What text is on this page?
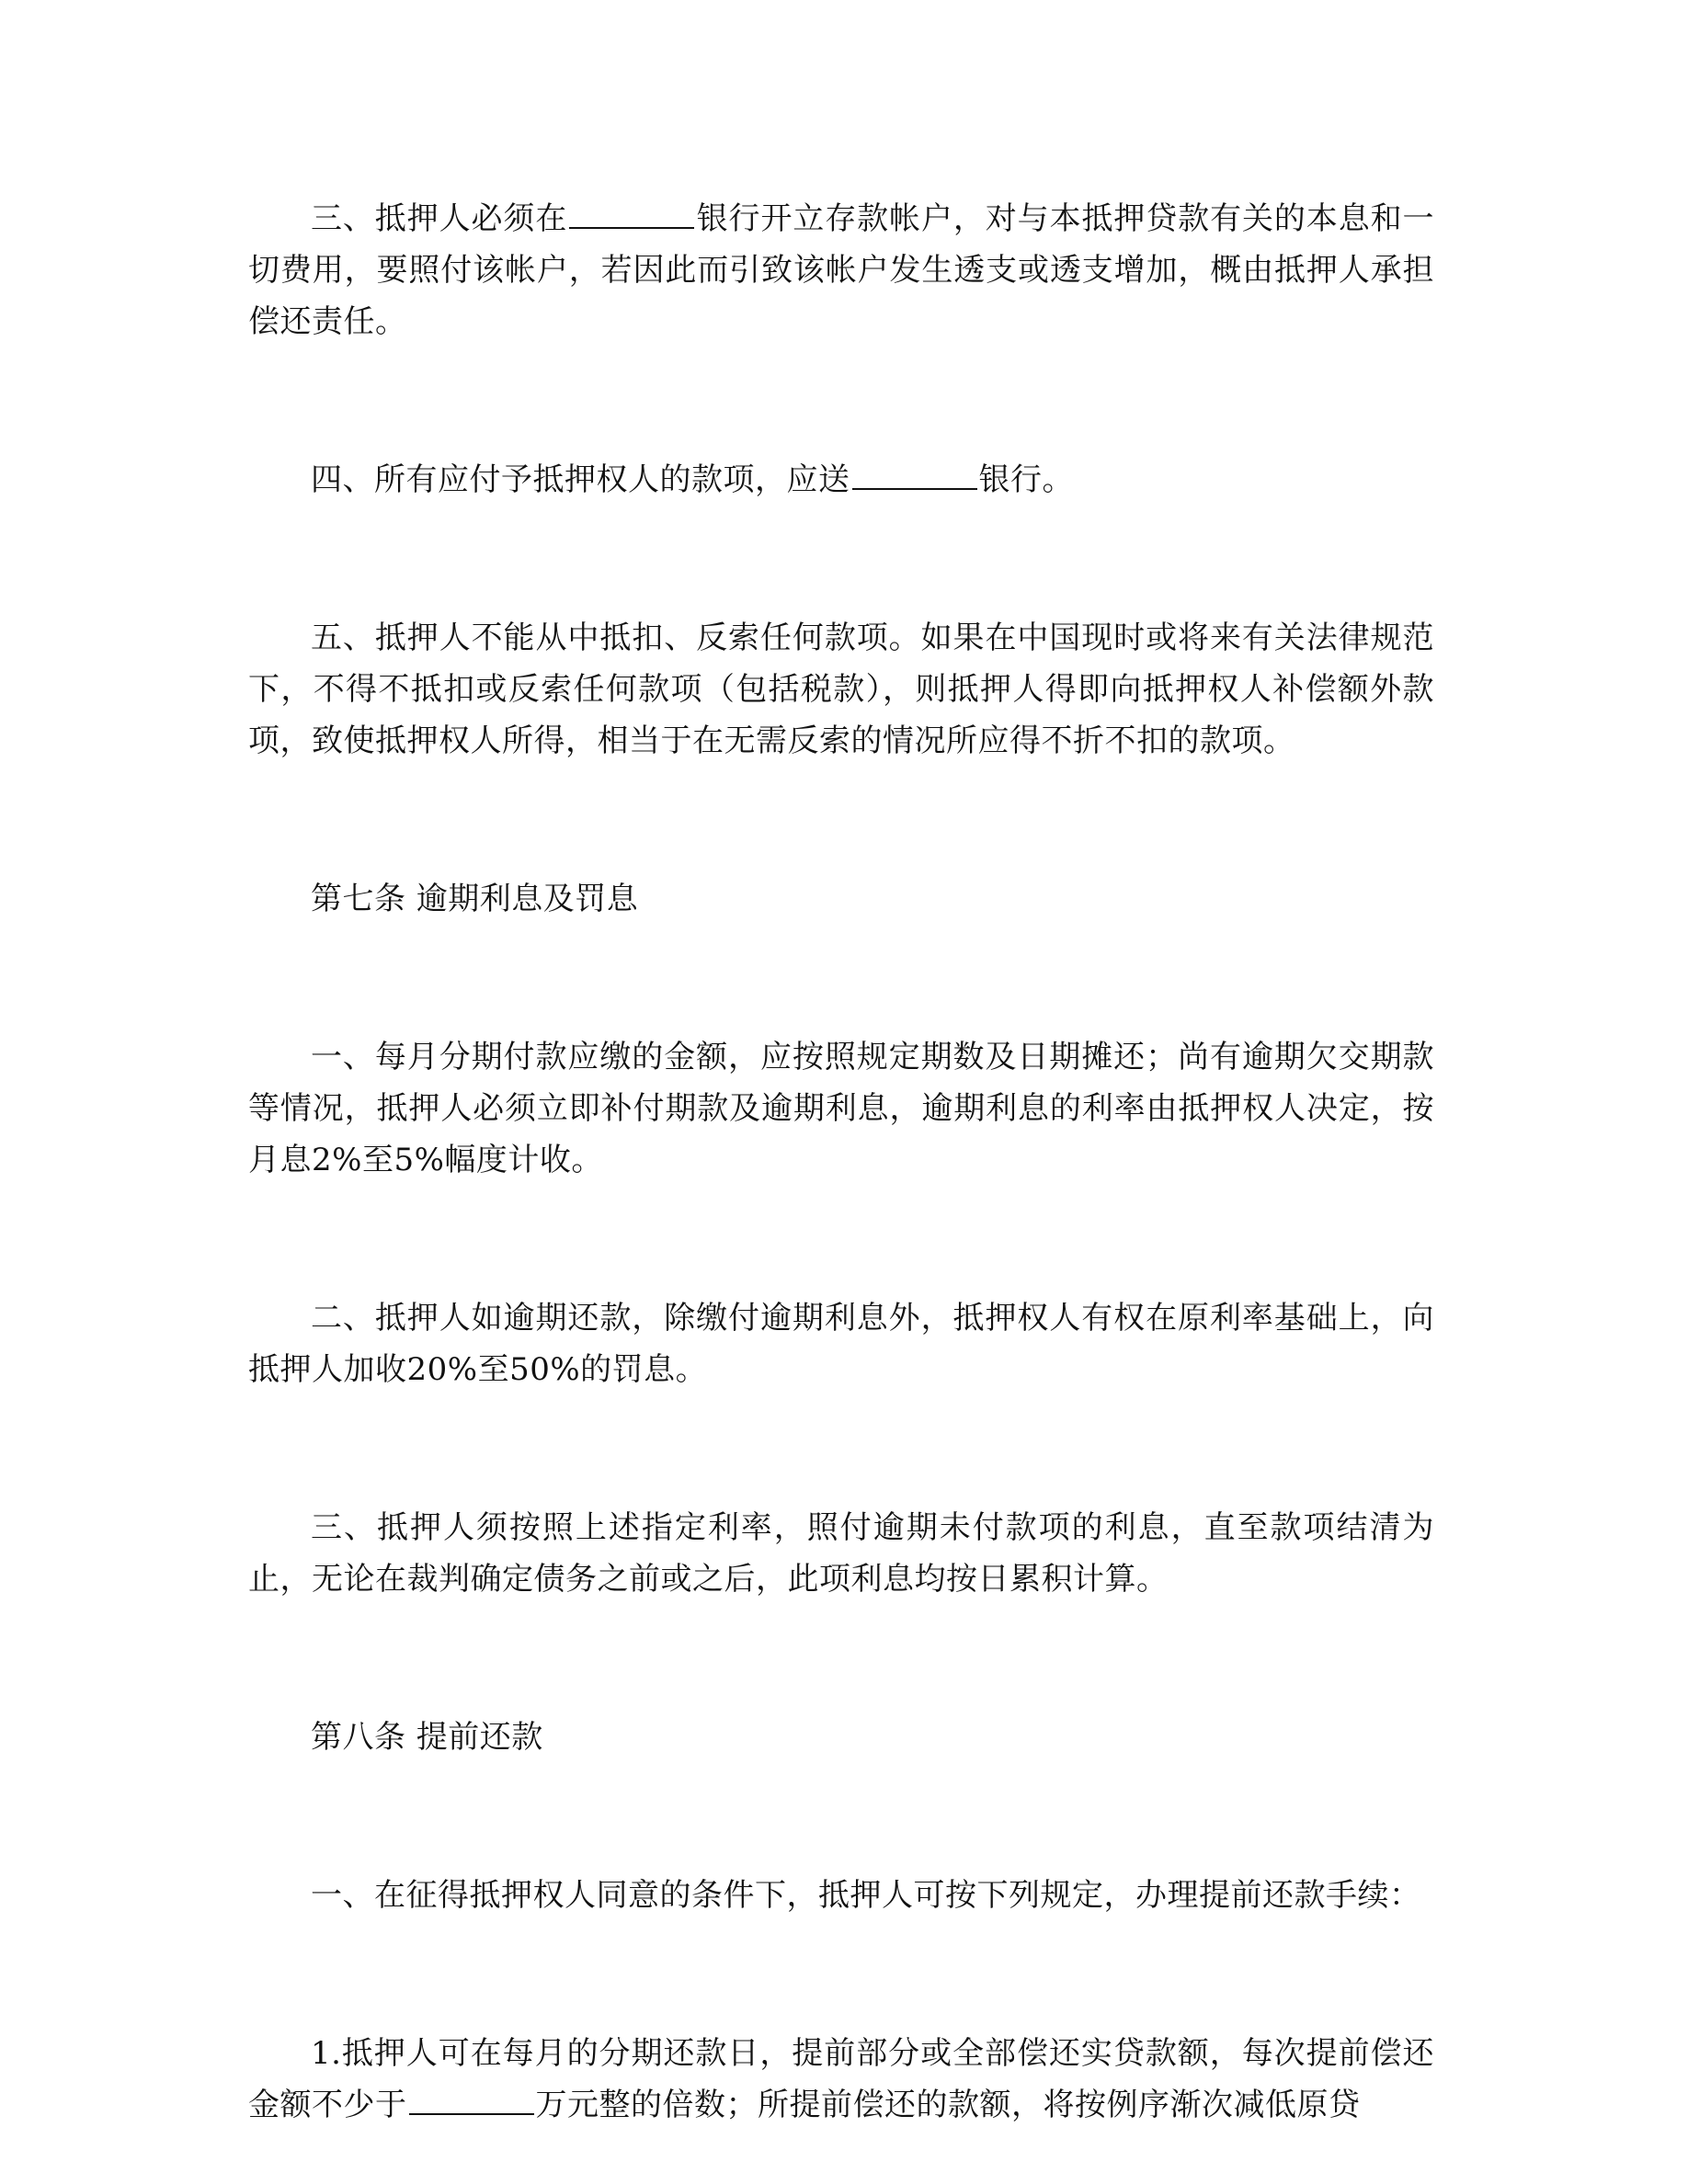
三、抵押人必须在	银行开立存款帐户，对与本抵押贷款有关的本息和一切费用，要照付该帐户，若因此而引致该帐户发生透支或透支增加，概由抵押人承担偿还责任。

四、所有应付予抵押权人的款项，应送	银行。

五、抵押人不能从中抵扣、反索任何款项。如果在中国现时或将来有关法律规范下，不得不抵扣或反索任何款项（包括税款），则抵押人得即向抵押权人补偿额外款项，致使抵押权人所得，相当于在无需反索的情况所应得不折不扣的款项。

第七条 逾期利息及罚息

一、每月分期付款应缴的金额，应按照规定期数及日期摊还；尚有逾期欠交期款等情况，抵押人必须立即补付期款及逾期利息，逾期利息的利率由抵押权人决定，按月息2%至5%幅度计收。

二、抵押人如逾期还款，除缴付逾期利息外，抵押权人有权在原利率基础上，向抵押人加收20%至50%的罚息。

三、抵押人须按照上述指定利率，照付逾期未付款项的利息，直至款项结清为止，无论在裁判确定债务之前或之后，此项利息均按日累积计算。

第八条 提前还款

一、在征得抵押权人同意的条件下，抵押人可按下列规定，办理提前还款手续：

1.抵押人可在每月的分期还款日，提前部分或全部偿还实贷款额，每次提前偿还金额不少于	万元整的倍数；所提前偿还的款额，将按例序渐次减低原贷
